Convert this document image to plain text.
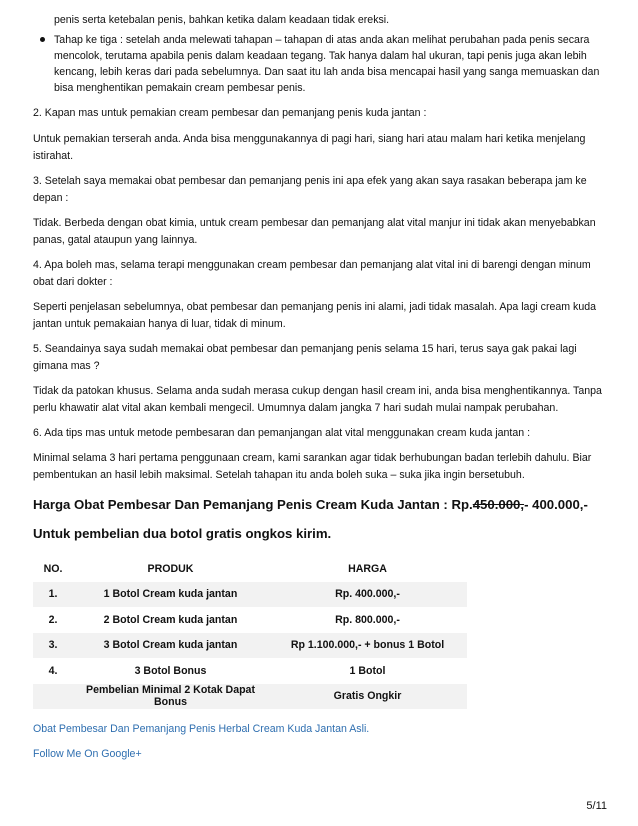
penis serta ketebalan penis, bahkan ketika dalam keadaan tidak ereksi.

Tahap ke tiga : setelah anda melewati tahapan – tahapan di atas anda akan melihat perubahan pada penis secara mencolok, terutama apabila penis dalam keadaan tegang. Tak hanya dalam hal ukuran, tapi penis juga akan lebih kencang, lebih keras dari pada sebelumnya. Dan saat itu lah anda bisa mencapai hasil yang sanga memuaskan dan bisa menghentikan pemakain cream pembesar penis.

2. Kapan mas untuk pemakian cream pembesar dan pemanjang penis kuda jantan :

Untuk pemakian terserah anda. Anda bisa menggunakannya di pagi hari, siang hari atau malam hari ketika menjelang istirahat.

3. Setelah saya memakai obat pembesar dan pemanjang penis ini apa efek yang akan saya rasakan beberapa jam ke depan :

Tidak. Berbeda dengan obat kimia, untuk cream pembesar dan pemanjang alat vital manjur ini tidak akan menyebabkan panas, gatal ataupun yang lainnya.

4. Apa boleh mas, selama terapi menggunakan cream pembesar dan pemanjang alat vital ini di barengi dengan minum obat dari dokter :

Seperti penjelasan sebelumnya, obat pembesar dan pemanjang penis ini alami, jadi tidak masalah. Apa lagi cream kuda jantan untuk pemakaian hanya di luar, tidak di minum.

5. Seandainya saya sudah memakai obat pembesar dan pemanjang penis selama 15 hari, terus saya gak pakai lagi gimana mas ?

Tidak da patokan khusus. Selama anda sudah merasa cukup dengan hasil cream ini, anda bisa menghentikannya. Tanpa perlu khawatir alat vital akan kembali mengecil. Umumnya dalam jangka 7 hari sudah mulai nampak perubahan.

6. Ada tips mas untuk metode pembesaran dan pemanjangan alat vital menggunakan cream kuda jantan :

Minimal selama 3 hari pertama penggunaan cream, kami sarankan agar tidak berhubungan badan terlebih dahulu. Biar pembentukan an hasil lebih maksimal. Setelah tahapan itu anda boleh suka – suka jika ingin bersetubuh.

Harga Obat Pembesar Dan Pemanjang Penis Cream Kuda Jantan : Rp.450.000,- 400.000,-
Untuk pembelian dua botol gratis ongkos kirim.
NO.	PRODUK	HARGA
1.	1 Botol Cream kuda jantan	Rp. 400.000,-
2.	2 Botol Cream kuda jantan	Rp. 800.000,-
3.	3 Botol Cream kuda jantan	Rp 1.100.000,- + bonus 1 Botol
4.	3 Botol Bonus	1 Botol
	Pembelian Minimal 2 Kotak Dapat Bonus	Gratis Ongkir
Obat Pembesar Dan Pemanjang Penis Herbal Cream Kuda Jantan Asli.
Follow Me On Google+
5/11
